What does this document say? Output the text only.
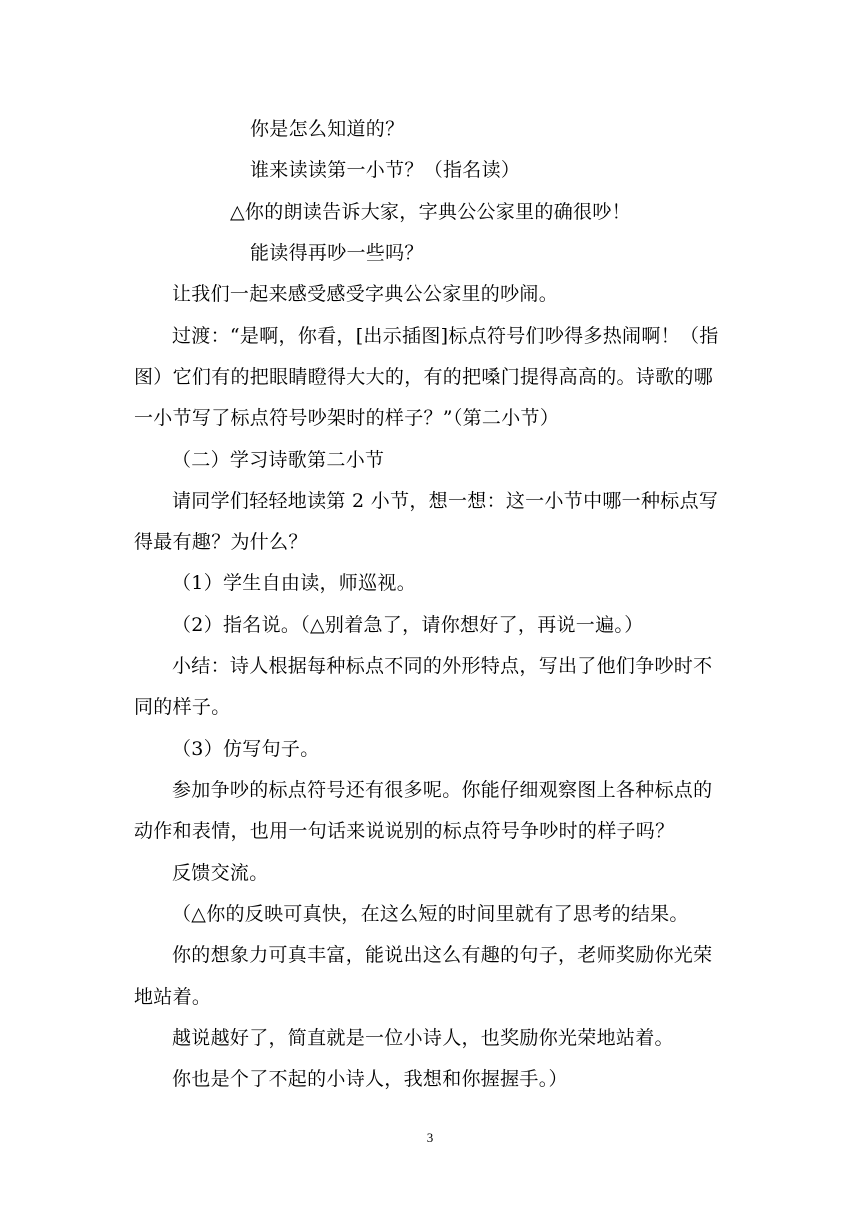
你是怎么知道的？
谁来读读第一小节？（指名读）
△你的朗读告诉大家，字典公公家里的确很吵！
能读得再吵一些吗？
让我们一起来感受感受字典公公家里的吵闹。
过渡：“是啊，你看，[出示插图]标点符号们吵得多热闹啊！（指
图）它们有的把眼睛瞪得大大的，有的把嗓门提得高高的。诗歌的哪
一小节写了标点符号吵架时的样子？”（第二小节）
（二）学习诗歌第二小节
请同学们轻轻地读第 2 小节，想一想：这一小节中哪一种标点写
得最有趣？为什么？
（1）学生自由读，师巡视。
（2）指名说。（△别着急了，请你想好了，再说一遍。）
小结：诗人根据每种标点不同的外形特点，写出了他们争吵时不
同的样子。
（3）仿写句子。
参加争吵的标点符号还有很多呢。你能仔细观察图上各种标点的
动作和表情，也用一句话来说说别的标点符号争吵时的样子吗？
反馈交流。
（△你的反映可真快，在这么短的时间里就有了思考的结果。
你的想象力可真丰富，能说出这么有趣的句子，老师奖励你光荣
地站着。
越说越好了，简直就是一位小诗人，也奖励你光荣地站着。
你也是个了不起的小诗人，我想和你握握手。）
3
